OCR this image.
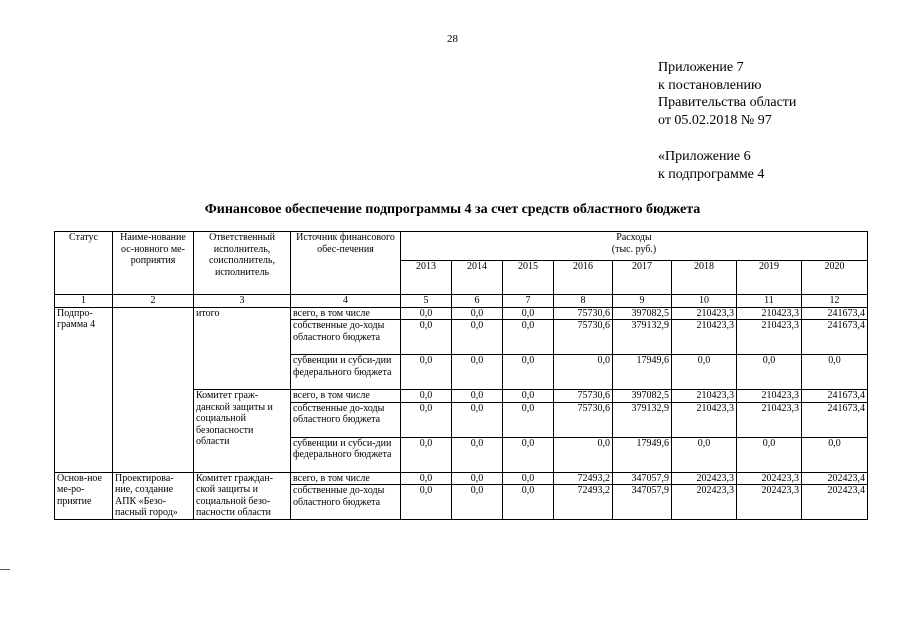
28
Приложение 7
к постановлению
Правительства области
от 05.02.2018 № 97
«Приложение 6
к подпрограмме 4
Финансовое обеспечение подпрограммы 4 за счет средств областного бюджета
Статус	Наиме-нование ос-новного ме-роприятия	Ответственный исполнитель, соисполнитель, исполнитель	Источник финансового обес-печения	Расходы
(тыс. руб.)							

				2013	2014	2015	2016	2017	2018	2019	2020
1	2	3	4	5	6	7	8	9	10	11	12
Подпро-грамма 4		итого	всего, в том числе	0,0	0,0	0,0	75730,6	397082,5	210423,3	210423,3	241673,4
			собственные до-ходы областного бюджета	0,0	0,0	0,0	75730,6	379132,9	210423,3	210423,3	241673,4
			субвенции и субси-дии федерального бюджета	0,0	0,0	0,0	0,0	17949,6	0,0	0,0	0,0
		Комитет граж-данской защиты и социальной безопасности области	всего, в том числе	0,0	0,0	0,0	75730,6	397082,5	210423,3	210423,3	241673,4
			собственные до-ходы областного бюджета	0,0	0,0	0,0	75730,6	379132,9	210423,3	210423,3	241673,4
			субвенции и субси-дии федерального бюджета	0,0	0,0	0,0	0,0	17949,6	0,0	0,0	0,0
Основ-ное ме-ро-приятие	Проектирова-ние, создание АПК «Безо-пасный город»	Комитет граждан-ской защиты и социальной безо-пасности области	всего, в том числе	0,0	0,0	0,0	72493,2	347057,9	202423,3	202423,3	202423,4
			собственные до-ходы областного бюджета	0,0	0,0	0,0	72493,2	347057,9	202423,3	202423,3	202423,4
